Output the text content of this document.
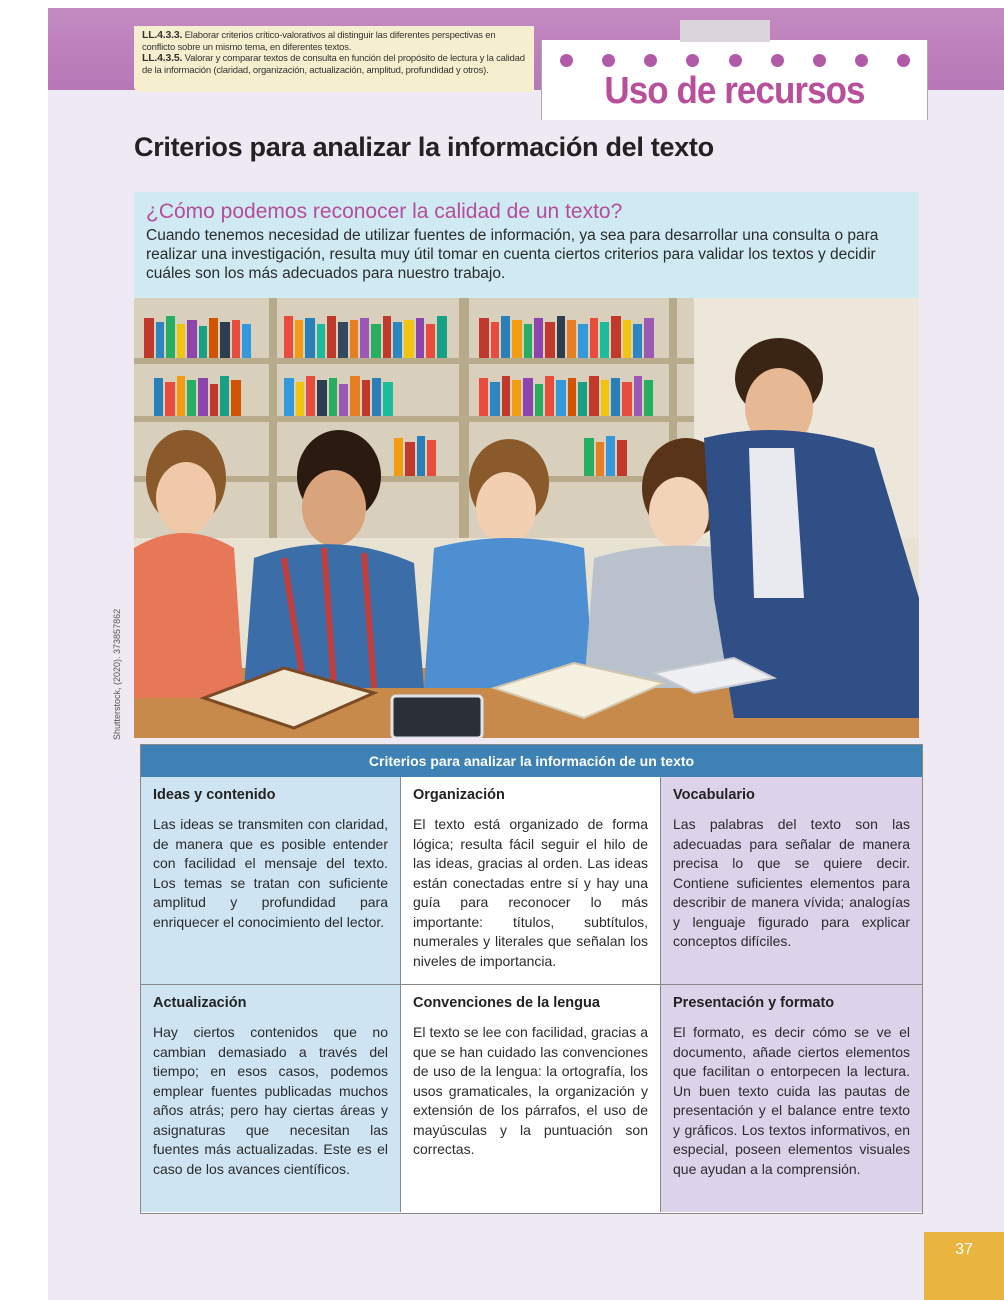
LL.4.3.3. Elaborar criterios crítico-valorativos al distinguir las diferentes perspectivas en conflicto sobre un mismo tema, en diferentes textos.
LL.4.3.5. Valorar y comparar textos de consulta en función del propósito de lectura y la calidad de la información (claridad, organización, actualización, amplitud, profundidad y otros).	Uso de recursos
Criterios para analizar la información del texto
¿Cómo podemos reconocer la calidad de un texto?

Cuando tenemos necesidad de utilizar fuentes de información, ya sea para desarrollar una consulta o para realizar una investigación, resulta muy útil tomar en cuenta ciertos criterios para validar los textos y decidir cuáles son los más adecuados para nuestro trabajo.

Shutterstock, (2020). 373857862
Criterios para analizar la información de un texto
Ideas y contenido

Las ideas se transmiten con claridad, de manera que es posible entender con facilidad el mensaje del texto. Los temas se tratan con suficiente amplitud y profundidad para enriquecer el conocimiento del lector.

Organización

El texto está organizado de forma lógica; resulta fácil seguir el hilo de las ideas, gracias al orden. Las ideas están conectadas entre sí y hay una guía para reconocer lo más importante: títulos, subtítulos, numerales y literales que señalan los niveles de importancia.

Vocabulario

Las palabras del texto son las adecuadas para señalar de manera precisa lo que se quiere decir. Contiene suficientes elementos para describir de manera vívida; analogías y lenguaje figurado para explicar conceptos difíciles.

Actualización

Hay ciertos contenidos que no cambian demasiado a través del tiempo; en esos casos, podemos emplear fuentes publicadas muchos años atrás; pero hay ciertas áreas y asignaturas que necesitan las fuentes más actualizadas. Este es el caso de los avances científicos.

Convenciones de la lengua

El texto se lee con facilidad, gracias a que se han cuidado las convenciones de uso de la lengua: la ortografía, los usos gramaticales, la organización y extensión de los párrafos, el uso de mayúsculas y la puntuación son correctas.

Presentación y formato

El formato, es decir cómo se ve el documento, añade ciertos elementos que facilitan o entorpecen la lectura. Un buen texto cuida las pautas de presentación y el balance entre texto y gráficos. Los textos informativos, en especial, poseen elementos visuales que ayudan a la comprensión.

37
